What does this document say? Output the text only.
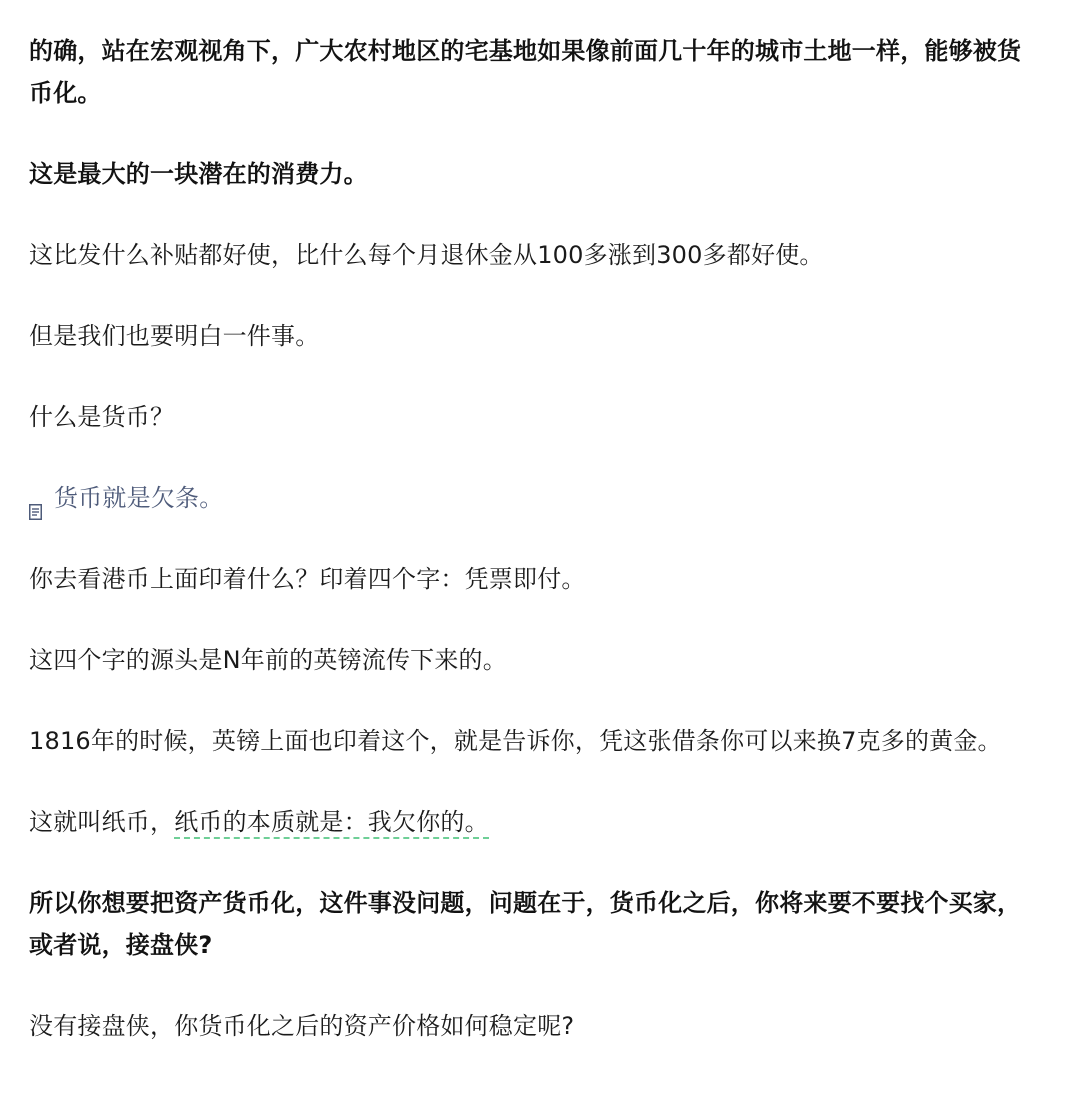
的确，站在宏观视角下，广大农村地区的宅基地如果像前面几十年的城市土地一样，能够被货币化。

这是最大的一块潜在的消费力。

这比发什么补贴都好使，比什么每个月退休金从100多涨到300多都好使。

但是我们也要明白一件事。

什么是货币？

货币就是欠条。

你去看港币上面印着什么？印着四个字：凭票即付。

这四个字的源头是N年前的英镑流传下来的。

1816年的时候，英镑上面也印着这个，就是告诉你，凭这张借条你可以来换7克多的黄金。

这就叫纸币，纸币的本质就是：我欠你的。

所以你想要把资产货币化，这件事没问题，问题在于，货币化之后，你将来要不要找个买家，或者说，接盘侠?

没有接盘侠，你货币化之后的资产价格如何稳定呢?
